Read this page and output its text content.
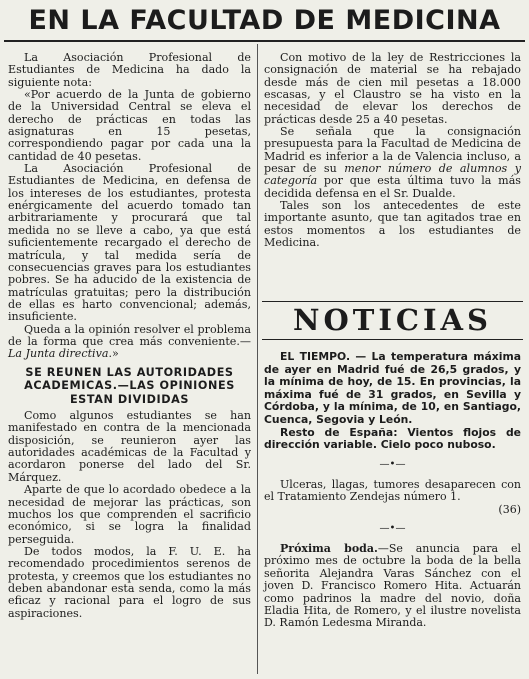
EN LA FACULTAD DE MEDICINA

La Asociación Profesional de Estudiantes de Medicina ha dado la siguiente nota:

«Por acuerdo de la Junta de gobierno de la Universidad Central se eleva el derecho de prácticas en todas las asignaturas en 15 pesetas, correspondiendo pagar por cada una la cantidad de 40 pesetas.

La Asociación Profesional de Estudiantes de Medicina, en defensa de los intereses de los estudiantes, protesta enérgicamente del acuerdo tomado tan arbitrariamente y procurará que tal medida no se lleve a cabo, ya que está suficientemente recargado el derecho de matrícula, y tal medida sería de consecuencias graves para los estudiantes pobres. Se ha aducido de la existencia de matrículas gratuitas; pero la distribución de ellas es harto convencional; además, insuficiente.

Queda a la opinión resolver el problema de la forma que crea más conveniente.—La Junta directiva.»

SE REUNEN LAS AUTORIDADES ACADEMICAS.—LAS OPINIONES ESTAN DIVIDIDAS

Como algunos estudiantes se han manifestado en contra de la mencionada disposición, se reunieron ayer las autoridades académicas de la Facultad y acordaron ponerse del lado del Sr. Márquez.

Aparte de que lo acordado obedece a la necesidad de mejorar las prácticas, son muchos los que comprenden el sacrificio económico, si se logra la finalidad perseguida.

De todos modos, la F. U. E. ha recomendado procedimientos serenos de protesta, y creemos que los estudiantes no deben abandonar esta senda, como la más eficaz y racional para el logro de sus aspiraciones.

Con motivo de la ley de Restricciones la consignación de material se ha rebajado desde más de cien mil pesetas a 18.000 escasas, y el Claustro se ha visto en la necesidad de elevar los derechos de prácticas desde 25 a 40 pesetas.

Se señala que la consignación presupuesta para la Facultad de Medicina de Madrid es inferior a la de Valencia incluso, a pesar de su menor número de alumnos y categoría por que esta última tuvo la más decidida defensa en el Sr. Dualde.

Tales son los antecedentes de este importante asunto, que tan agitados trae en estos momentos a los estudiantes de Medicina.

NOTICIAS

EL TIEMPO. — La temperatura máxima de ayer en Madrid fué de 26,5 grados, y la mínima de hoy, de 15. En provincias, la máxima fué de 31 grados, en Sevilla y Córdoba, y la mínima, de 10, en Santiago, Cuenca, Segovia y León.

Resto de España: Vientos flojos de dirección variable. Cielo poco nuboso.

—•—

Ulceras, llagas, tumores desaparecen con el Tratamiento Zendejas número 1.

(36)
—•—

Próxima boda.—Se anuncia para el próximo mes de octubre la boda de la bella señorita Alejandra Varas Sánchez con el joven D. Francisco Romero Hita. Actuarán como padrinos la madre del novio, doña Eladia Hita, de Romero, y el ilustre novelista D. Ramón Ledesma Miranda.
